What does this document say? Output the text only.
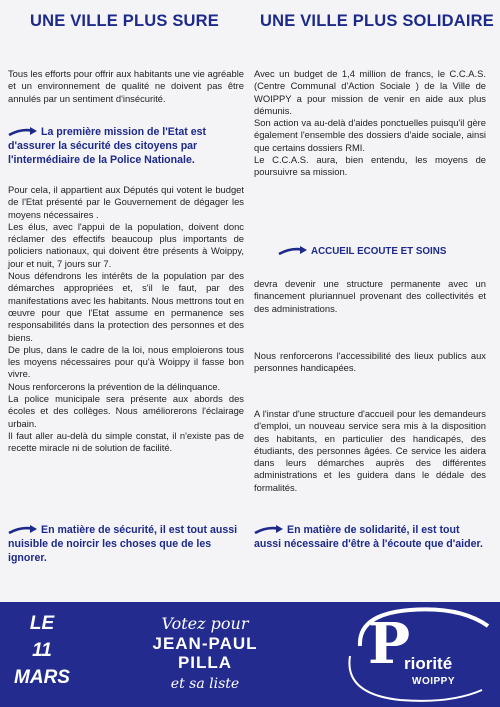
UNE VILLE PLUS SURE
Tous les efforts pour offrir aux habitants une vie agréable et un environnement de qualité ne doivent pas être annulés par un sentiment d'insécurité.
La première mission de l'Etat est d'assurer la sécurité des citoyens par l'intermédiaire de la Police Nationale.

Pour cela, il appartient aux Députés qui votent le budget de l'Etat présenté par le Gouvernement de dégager les moyens nécessaires .

Les élus, avec l'appui de la population, doivent donc réclamer des effectifs beaucoup plus importants de policiers nationaux, qui doivent être présents à Woippy, jour et nuit, 7 jours sur 7.

Nous défendrons les intérêts de la population par des démarches appropriées et, s'il le faut, par des manifestations avec les habitants. Nous mettrons tout en œuvre pour que l'Etat assume en permanence ses responsabilités dans la protection des personnes et des biens.

De plus, dans le cadre de la loi, nous emploierons tous les moyens nécessaires pour qu'à Woippy il fasse bon vivre.

Nous renforcerons la prévention de la délinquance.

La police municipale sera présente aux abords des écoles et des collèges. Nous améliorerons l'éclairage urbain.

Il faut aller au-delà du simple constat, il n'existe pas de recette miracle ni de solution de facilité.

En matière de sécurité, il est tout aussi nuisible de noircir les choses que de les ignorer.
UNE VILLE PLUS SOLIDAIRE

Avec un budget de 1,4 million de francs, le C.C.A.S. (Centre Communal d'Action Sociale ) de la Ville de WOIPPY a pour mission de venir en aide aux plus démunis.

Son action va au-delà d'aides ponctuelles puisqu'il gère également l'ensemble des dossiers d'aide sociale, ainsi que certains dossiers RMI.

Le C.C.A.S. aura, bien entendu, les moyens de poursuivre sa mission.

ACCUEIL ECOUTE ET SOINS
devra devenir une structure permanente avec un financement pluriannuel provenant des collectivités et des administrations.
Nous renforcerons l'accessibilité des lieux publics aux personnes handicapées.
A l'instar d'une structure d'accueil pour les demandeurs d'emploi, un nouveau service sera mis à la disposition des habitants, en particulier des handicapés, des étudiants, des personnes âgées. Ce service les aidera dans leurs démarches auprès des différentes administrations et les guidera dans le dédale des formalités.
En matière de solidarité, il est tout aussi nécessaire d'être à l'écoute que d'aider.
LE
11
MARS
Votez pour
JEAN-PAUL
PILLA
et sa liste
P
riorité
WOIPPY
